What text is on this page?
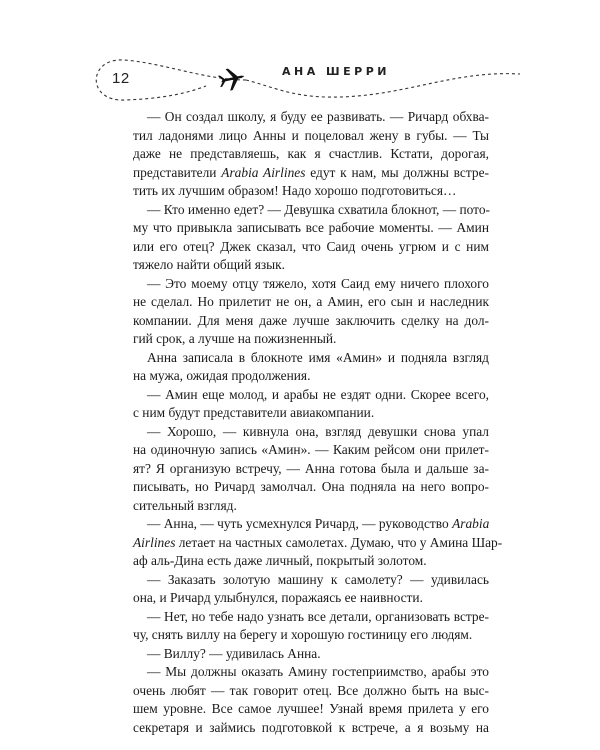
12	АНА ШЕРРИ
— Он создал школу, я буду ее развивать. — Ричард обхва-
тил ладонями лицо Анны и поцеловал жену в губы. — Ты
даже не представляешь, как я счастлив. Кстати, дорогая,
представители Arabia Airlines едут к нам, мы должны встре-
тить их лучшим образом! Надо хорошо подготовиться…
— Кто именно едет? — Девушка схватила блокнот, — пото-
му что привыкла записывать все рабочие моменты. — Амин
или его отец? Джек сказал, что Саид очень угрюм и с ним
тяжело найти общий язык.
— Это моему отцу тяжело, хотя Саид ему ничего плохого
не сделал. Но прилетит не он, а Амин, его сын и наследник
компании. Для меня даже лучше заключить сделку на дол-
гий срок, а лучше на пожизненный.
Анна записала в блокноте имя «Амин» и подняла взгляд
на мужа, ожидая продолжения.
— Амин еще молод, и арабы не ездят одни. Скорее всего,
с ним будут представители авиакомпании.
— Хорошо, — кивнула она, взгляд девушки снова упал
на одиночную запись «Амин». — Каким рейсом они прилет-
ят? Я организую встречу, — Анна готова была и дальше за-
писывать, но Ричард замолчал. Она подняла на него вопро-
сительный взгляд.
— Анна, — чуть усмехнулся Ричард, — руководство Arabia
Airlines летает на частных самолетах. Думаю, что у Амина Шар-
аф аль-Дина есть даже личный, покрытый золотом.
— Заказать золотую машину к самолету? — удивилась
она, и Ричард улыбнулся, поражаясь ее наивности.
— Нет, но тебе надо узнать все детали, организовать встре-
чу, снять виллу на берегу и хорошую гостиницу его людям.
— Виллу? — удивилась Анна.
— Мы должны оказать Амину гостеприимство, арабы это
очень любят — так говорит отец. Все должно быть на выс-
шем уровне. Все самое лучшее! Узнай время прилета у его
секретаря и займись подготовкой к встрече, а я возьму на
